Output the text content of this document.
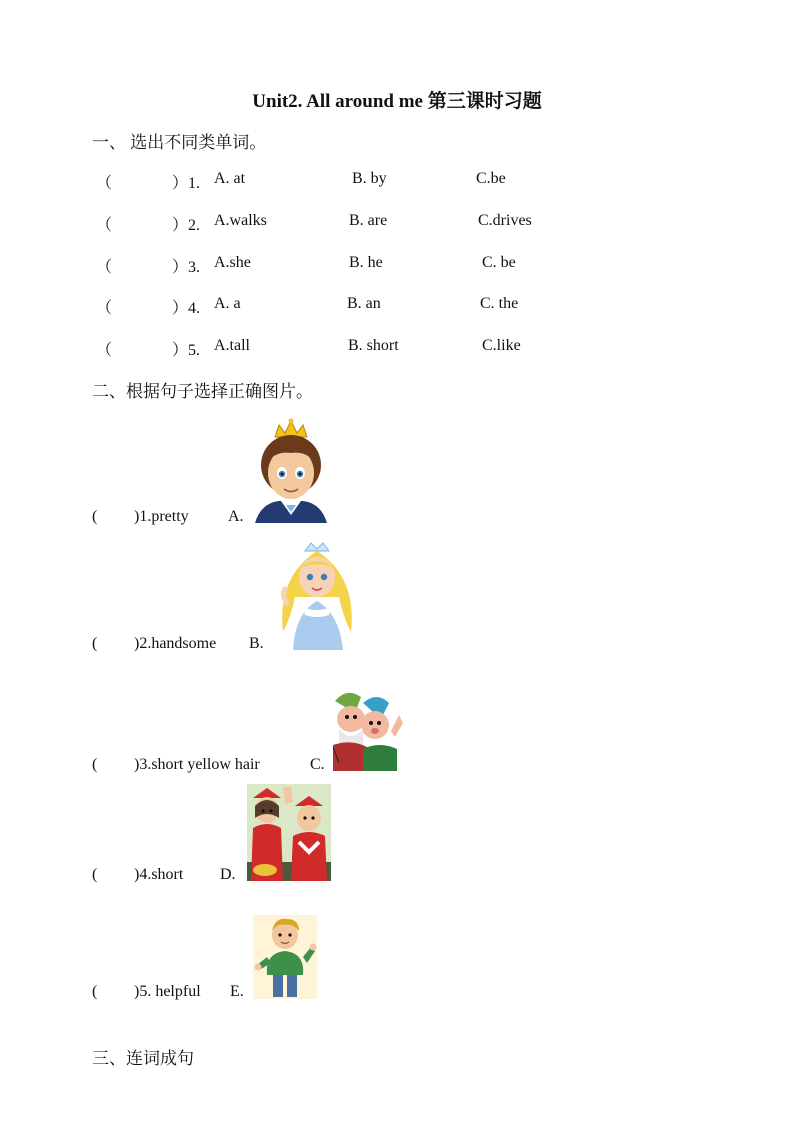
Unit2. All around me 第三课时习题
一、 选出不同类单词。
（	）1. A. at	B. by	C.be
（	）2. A.walks	B. are	C.drives
（	）3. A.she	B. he	C. be
（	）4. A. a	B. an	C. the
（	）5. A.tall	B. short	C.like
二、根据句子选择正确图片。
( )1.pretty A.
( )2.handsome B.
( )3.short yellow hair	C.
( )4.short D.
( )5. helpful E.
三、连词成句
